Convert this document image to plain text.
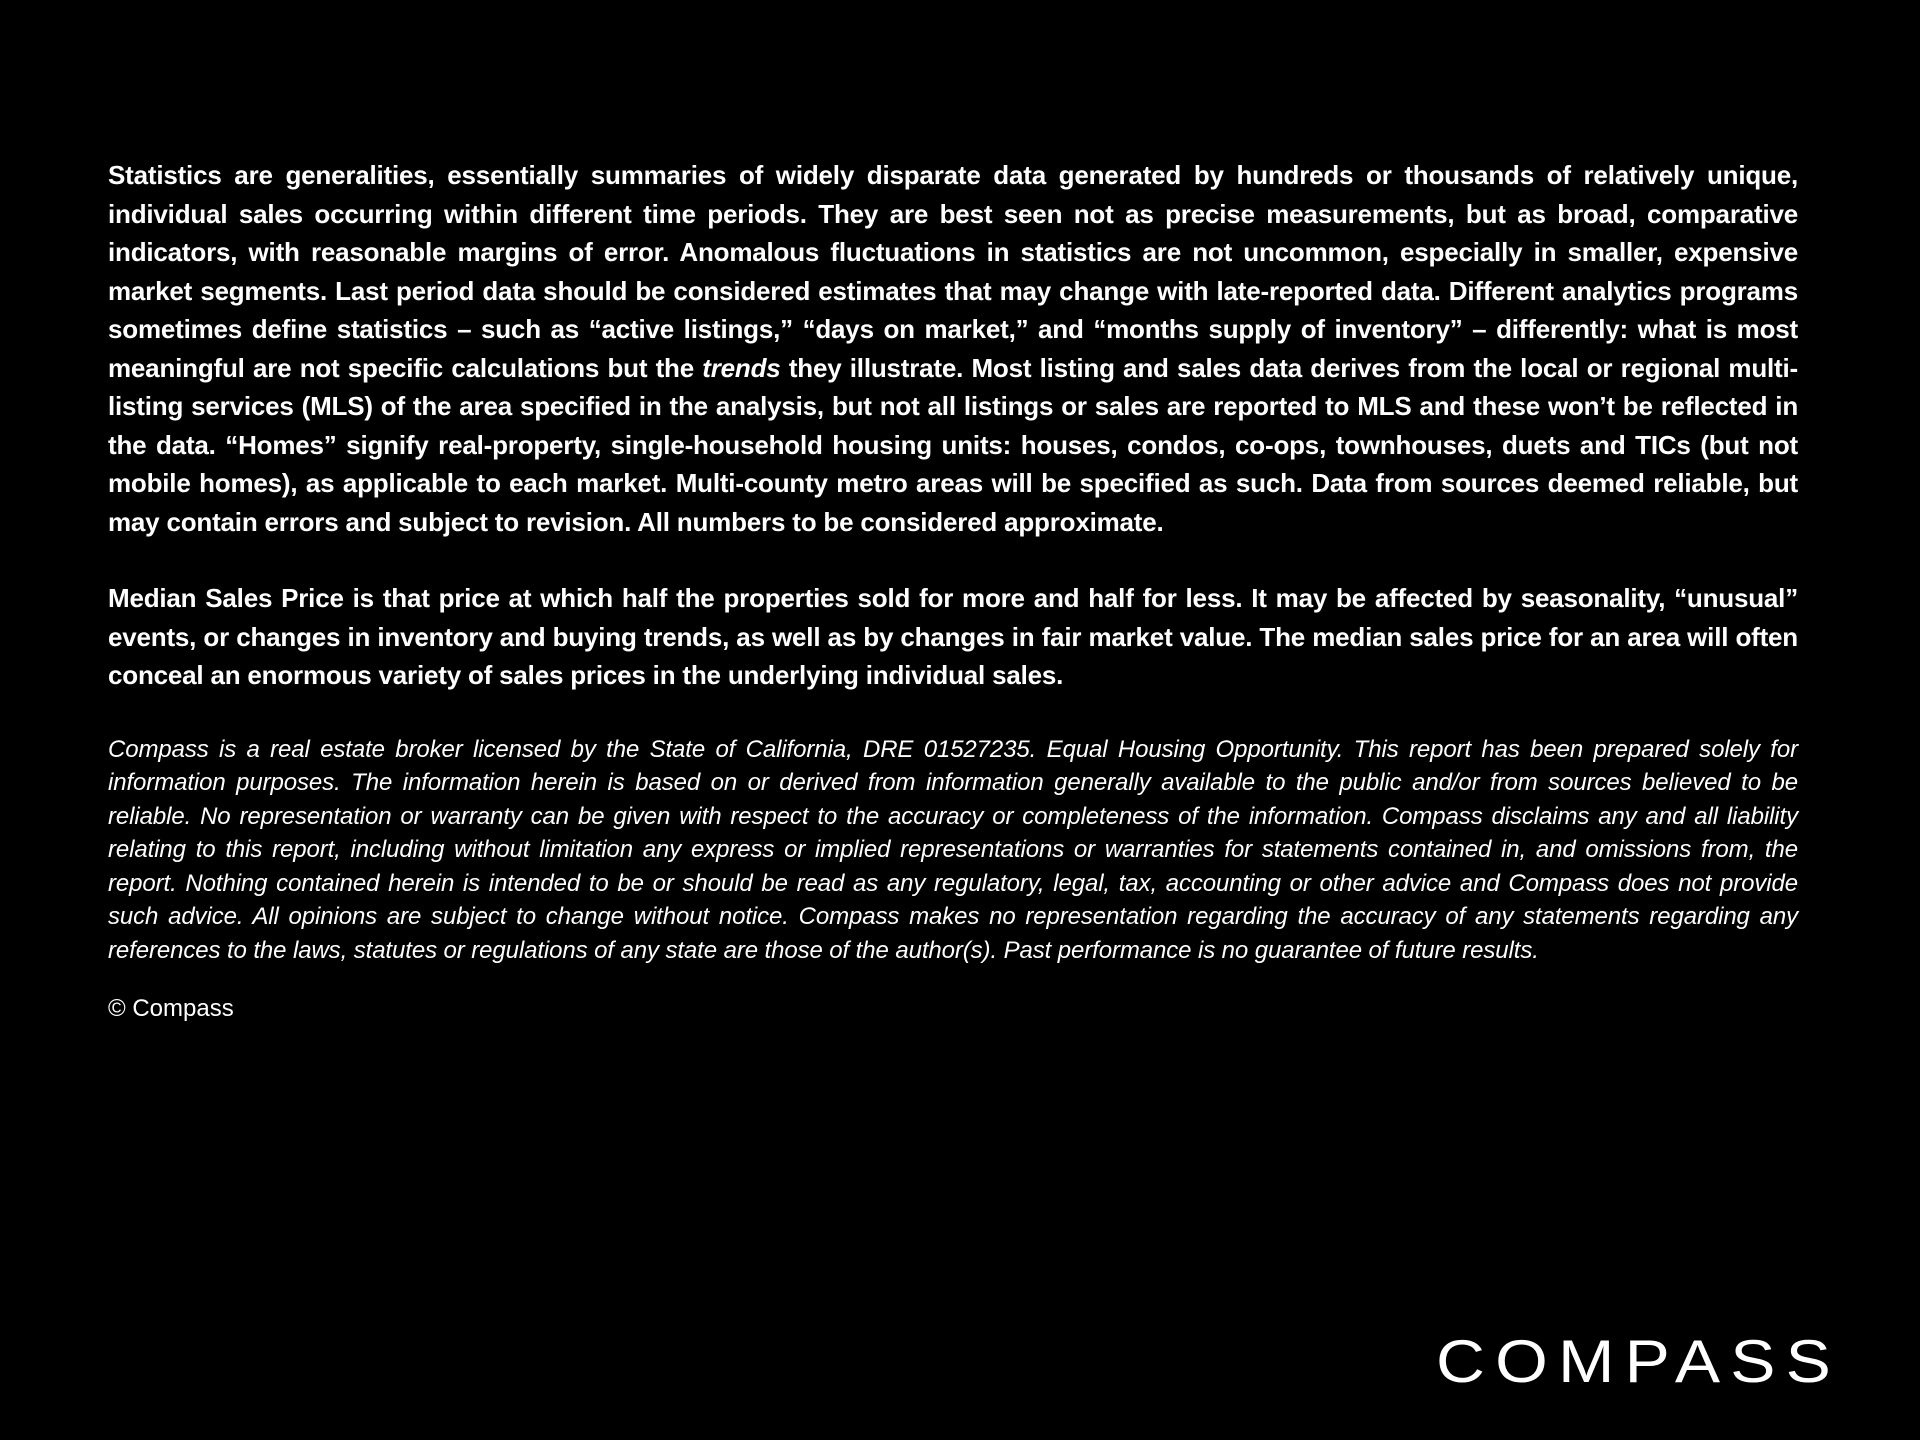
Statistics are generalities, essentially summaries of widely disparate data generated by hundreds or thousands of relatively unique, individual sales occurring within different time periods. They are best seen not as precise measurements, but as broad, comparative indicators, with reasonable margins of error. Anomalous fluctuations in statistics are not uncommon, especially in smaller, expensive market segments. Last period data should be considered estimates that may change with late-reported data. Different analytics programs sometimes define statistics – such as “active listings,” “days on market,” and “months supply of inventory” – differently: what is most meaningful are not specific calculations but the trends they illustrate. Most listing and sales data derives from the local or regional multi-listing services (MLS) of the area specified in the analysis, but not all listings or sales are reported to MLS and these won’t be reflected in the data. “Homes” signify real-property, single-household housing units: houses, condos, co-ops, townhouses, duets and TICs (but not mobile homes), as applicable to each market. Multi-county metro areas will be specified as such. Data from sources deemed reliable, but may contain errors and subject to revision. All numbers to be considered approximate.

Median Sales Price is that price at which half the properties sold for more and half for less. It may be affected by seasonality, “unusual” events, or changes in inventory and buying trends, as well as by changes in fair market value. The median sales price for an area will often conceal an enormous variety of sales prices in the underlying individual sales.

Compass is a real estate broker licensed by the State of California, DRE 01527235. Equal Housing Opportunity. This report has been prepared solely for information purposes. The information herein is based on or derived from information generally available to the public and/or from sources believed to be reliable. No representation or warranty can be given with respect to the accuracy or completeness of the information. Compass disclaims any and all liability relating to this report, including without limitation any express or implied representations or warranties for statements contained in, and omissions from, the report. Nothing contained herein is intended to be or should be read as any regulatory, legal, tax, accounting or other advice and Compass does not provide such advice. All opinions are subject to change without notice. Compass makes no representation regarding the accuracy of any statements regarding any references to the laws, statutes or regulations of any state are those of the author(s). Past performance is no guarantee of future results.

© Compass

COMPASS
